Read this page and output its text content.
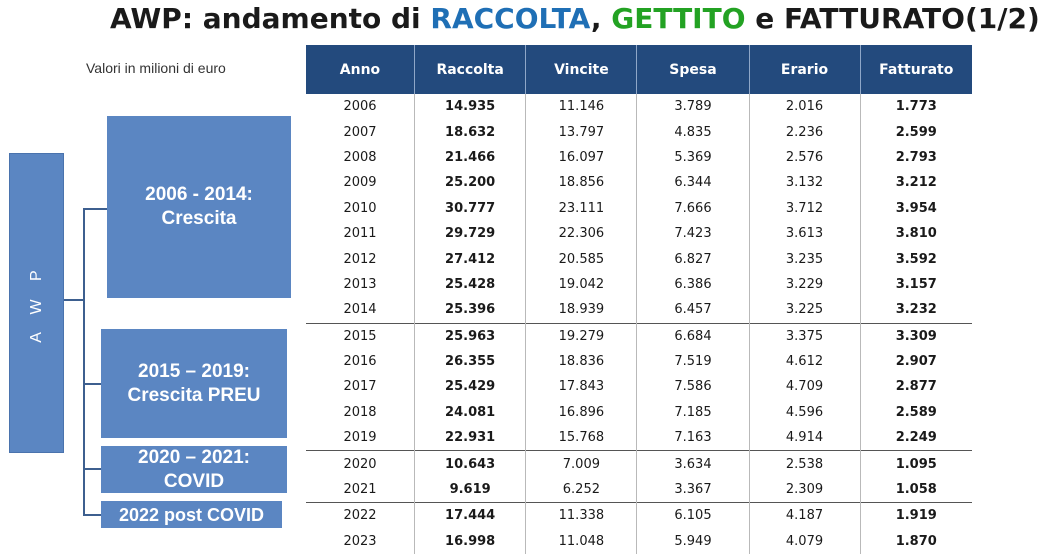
AWP: andamento di RACCOLTA, GETTITO e FATTURATO(1/2)
Valori in milioni di euro
A W P
2006 - 2014:
Crescita
2015 – 2019:
Crescita PREU
2020 – 2021:
COVID
2022 post COVID
Anno	Raccolta	Vincite	Spesa	Erario	Fatturato
2006	14.935	11.146	3.789	2.016	1.773
2007	18.632	13.797	4.835	2.236	2.599
2008	21.466	16.097	5.369	2.576	2.793
2009	25.200	18.856	6.344	3.132	3.212
2010	30.777	23.111	7.666	3.712	3.954
2011	29.729	22.306	7.423	3.613	3.810
2012	27.412	20.585	6.827	3.235	3.592
2013	25.428	19.042	6.386	3.229	3.157
2014	25.396	18.939	6.457	3.225	3.232
2015	25.963	19.279	6.684	3.375	3.309
2016	26.355	18.836	7.519	4.612	2.907
2017	25.429	17.843	7.586	4.709	2.877
2018	24.081	16.896	7.185	4.596	2.589
2019	22.931	15.768	7.163	4.914	2.249
2020	10.643	7.009	3.634	2.538	1.095
2021	9.619	6.252	3.367	2.309	1.058
2022	17.444	11.338	6.105	4.187	1.919
2023	16.998	11.048	5.949	4.079	1.870
